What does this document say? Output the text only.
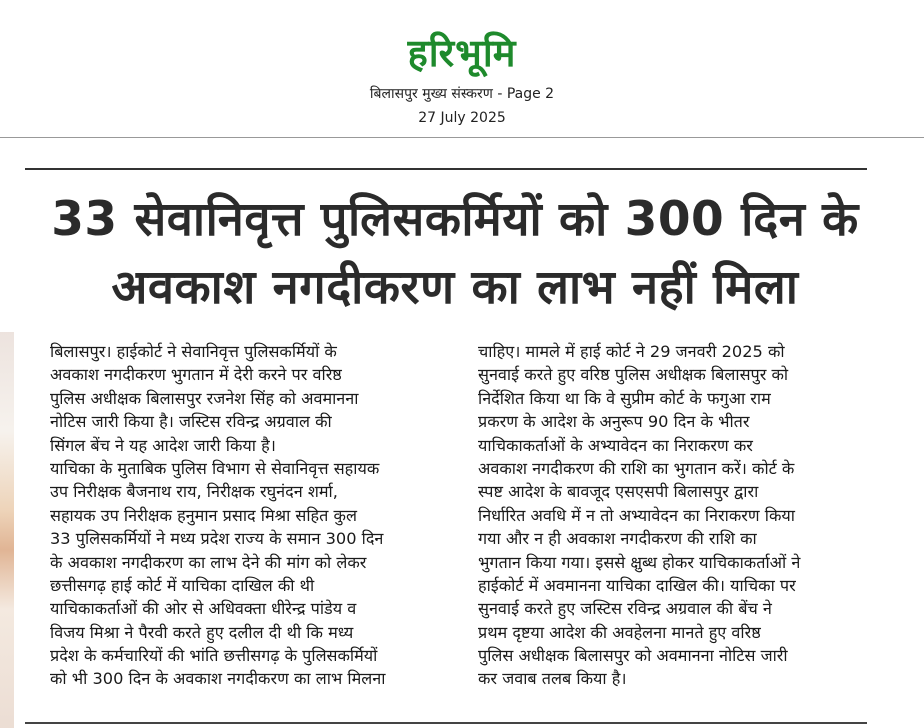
हरिभूमि
बिलासपुर मुख्य संस्करण - Page 2
27 July 2025
33 सेवानिवृत्त पुलिसकर्मियों को 300 दिन के
अवकाश नगदीकरण का लाभ नहीं मिला
बिलासपुर। हाईकोर्ट ने सेवानिवृत्त पुलिसकर्मियों के
अवकाश नगदीकरण भुगतान में देरी करने पर वरिष्ठ
पुलिस अधीक्षक बिलासपुर रजनेश सिंह को अवमानना
नोटिस जारी किया है। जस्टिस रविन्द्र अग्रवाल की
सिंगल बेंच ने यह आदेश जारी किया है।
याचिका के मुताबिक पुलिस विभाग से सेवानिवृत्त सहायक
उप निरीक्षक बैजनाथ राय, निरीक्षक रघुनंदन शर्मा,
सहायक उप निरीक्षक हनुमान प्रसाद मिश्रा सहित कुल
33 पुलिसकर्मियों ने मध्य प्रदेश राज्य के समान 300 दिन
के अवकाश नगदीकरण का लाभ देने की मांग को लेकर
छत्तीसगढ़ हाई कोर्ट में याचिका दाखिल की थी
याचिकाकर्ताओं की ओर से अधिवक्ता धीरेन्द्र पांडेय व
विजय मिश्रा ने पैरवी करते हुए दलील दी थी कि मध्य
प्रदेश के कर्मचारियों की भांति छत्तीसगढ़ के पुलिसकर्मियों
को भी 300 दिन के अवकाश नगदीकरण का लाभ मिलना
चाहिए। मामले में हाई कोर्ट ने 29 जनवरी 2025 को
सुनवाई करते हुए वरिष्ठ पुलिस अधीक्षक बिलासपुर को
निर्देशित किया था कि वे सुप्रीम कोर्ट के फगुआ राम
प्रकरण के आदेश के अनुरूप 90 दिन के भीतर
याचिकाकर्ताओं के अभ्यावेदन का निराकरण कर
अवकाश नगदीकरण की राशि का भुगतान करें। कोर्ट के
स्पष्ट आदेश के बावजूद एसएसपी बिलासपुर द्वारा
निर्धारित अवधि में न तो अभ्यावेदन का निराकरण किया
गया और न ही अवकाश नगदीकरण की राशि का
भुगतान किया गया। इससे क्षुब्ध होकर याचिकाकर्ताओं ने
हाईकोर्ट में अवमानना याचिका दाखिल की। याचिका पर
सुनवाई करते हुए जस्टिस रविन्द्र अग्रवाल की बेंच ने
प्रथम दृष्टया आदेश की अवहेलना मानते हुए वरिष्ठ
पुलिस अधीक्षक बिलासपुर को अवमानना नोटिस जारी
कर जवाब तलब किया है।
